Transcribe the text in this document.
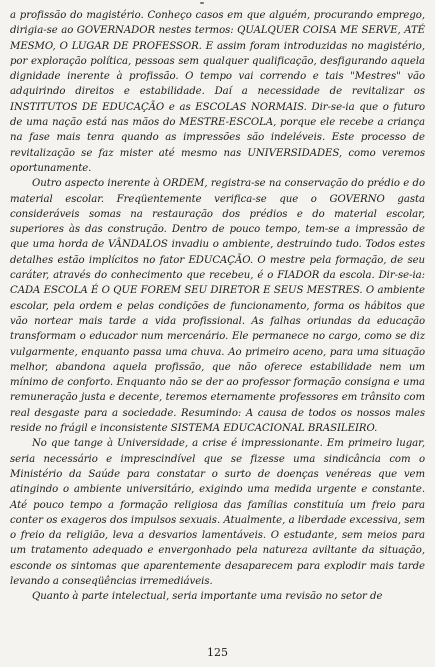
a profissão do magistério. Conheço casos em que alguém, procurando emprego, dirigia-se ao GOVERNADOR nestes termos: QUALQUER COISA ME SERVE, ATÉ MESMO, O LUGAR DE PROFESSOR. E assim foram introduzidas no magistério, por exploração política, pessoas sem qualquer qualificação, desfigurando aquela dignidade inerente à profissão. O tempo vai correndo e tais "Mestres" vão adquirindo direitos e estabilidade. Daí a necessidade de revitalizar os INSTITUTOS DE EDUCAÇÃO e as ESCOLAS NORMAIS. Dir-se-ia que o futuro de uma nação está nas mãos do MESTRE-ESCOLA, porque ele recebe a criança na fase mais tenra quando as impressões são indeléveis. Este processo de revitalização se faz mister até mesmo nas UNIVERSIDADES, como veremos oportunamente.

Outro aspecto inerente à ORDEM, registra-se na conservação do prédio e do material escolar. Freqüentemente verifica-se que o GOVERNO gasta consideráveis somas na restauração dos prédios e do material escolar, superiores às das construção. Dentro de pouco tempo, tem-se a impressão de que uma horda de VÂNDALOS invadiu o ambiente, destruindo tudo. Todos estes detalhes estão implícitos no fator EDUCAÇÃO. O mestre pela formação, de seu caráter, através do conhecimento que recebeu, é o FIADOR da escola. Dir-se-ia: CADA ESCOLA É O QUE FOREM SEU DIRETOR E SEUS MESTRES. O ambiente escolar, pela ordem e pelas condições de funcionamento, forma os hábitos que vão nortear mais tarde a vida profissional. As falhas oriundas da educação transformam o educador num mercenário. Ele permanece no cargo, como se diz vulgarmente, enquanto passa uma chuva. Ao primeiro aceno, para uma situação melhor, abandona aquela profissão, que não oferece estabilidade nem um mínimo de conforto. Enquanto não se der ao professor formação consigna e uma remuneração justa e decente, teremos eternamente professores em trânsito com real desgaste para a sociedade. Resumindo: A causa de todos os nossos males reside no frágil e inconsistente SISTEMA EDUCACIONAL BRASILEIRO.

No que tange à Universidade, a crise é impressionante. Em primeiro lugar, seria necessário e imprescindível que se fizesse uma sindicância com o Ministério da Saúde para constatar o surto de doenças venéreas que vem atingindo o ambiente universitário, exigindo uma medida urgente e constante. Até pouco tempo a formação religiosa das famílias constituía um freio para conter os exageros dos impulsos sexuais. Atualmente, a liberdade excessiva, sem o freio da religião, leva a desvarios lamentáveis. O estudante, sem meios para um tratamento adequado e envergonhado pela natureza aviltante da situação, esconde os sintomas que aparentemente desaparecem para explodir mais tarde levando a conseqüências irremediáveis.

Quanto à parte intelectual, seria importante uma revisão no setor de

125
